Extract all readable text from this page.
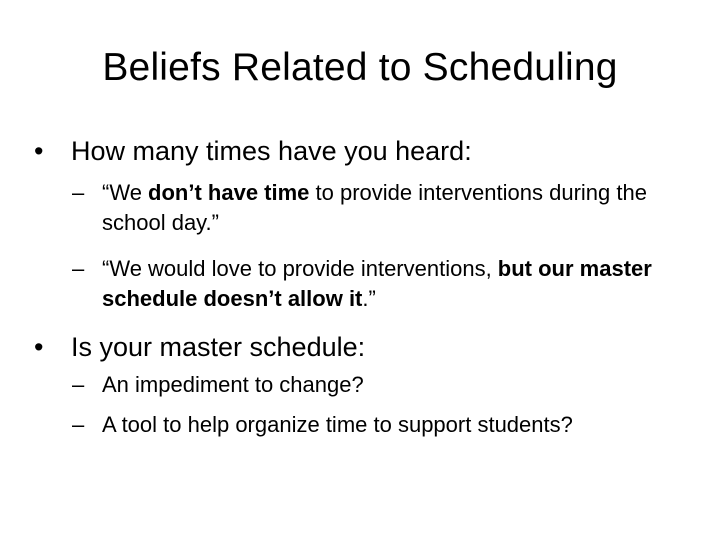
Beliefs Related to Scheduling
• How many times have you heard:
– “We don’t have time to provide interventions during the school day.”
– “We would love to provide interventions, but our master schedule doesn’t allow it.”
• Is your master schedule:
– An impediment to change?
– A tool to help organize time to support students?
